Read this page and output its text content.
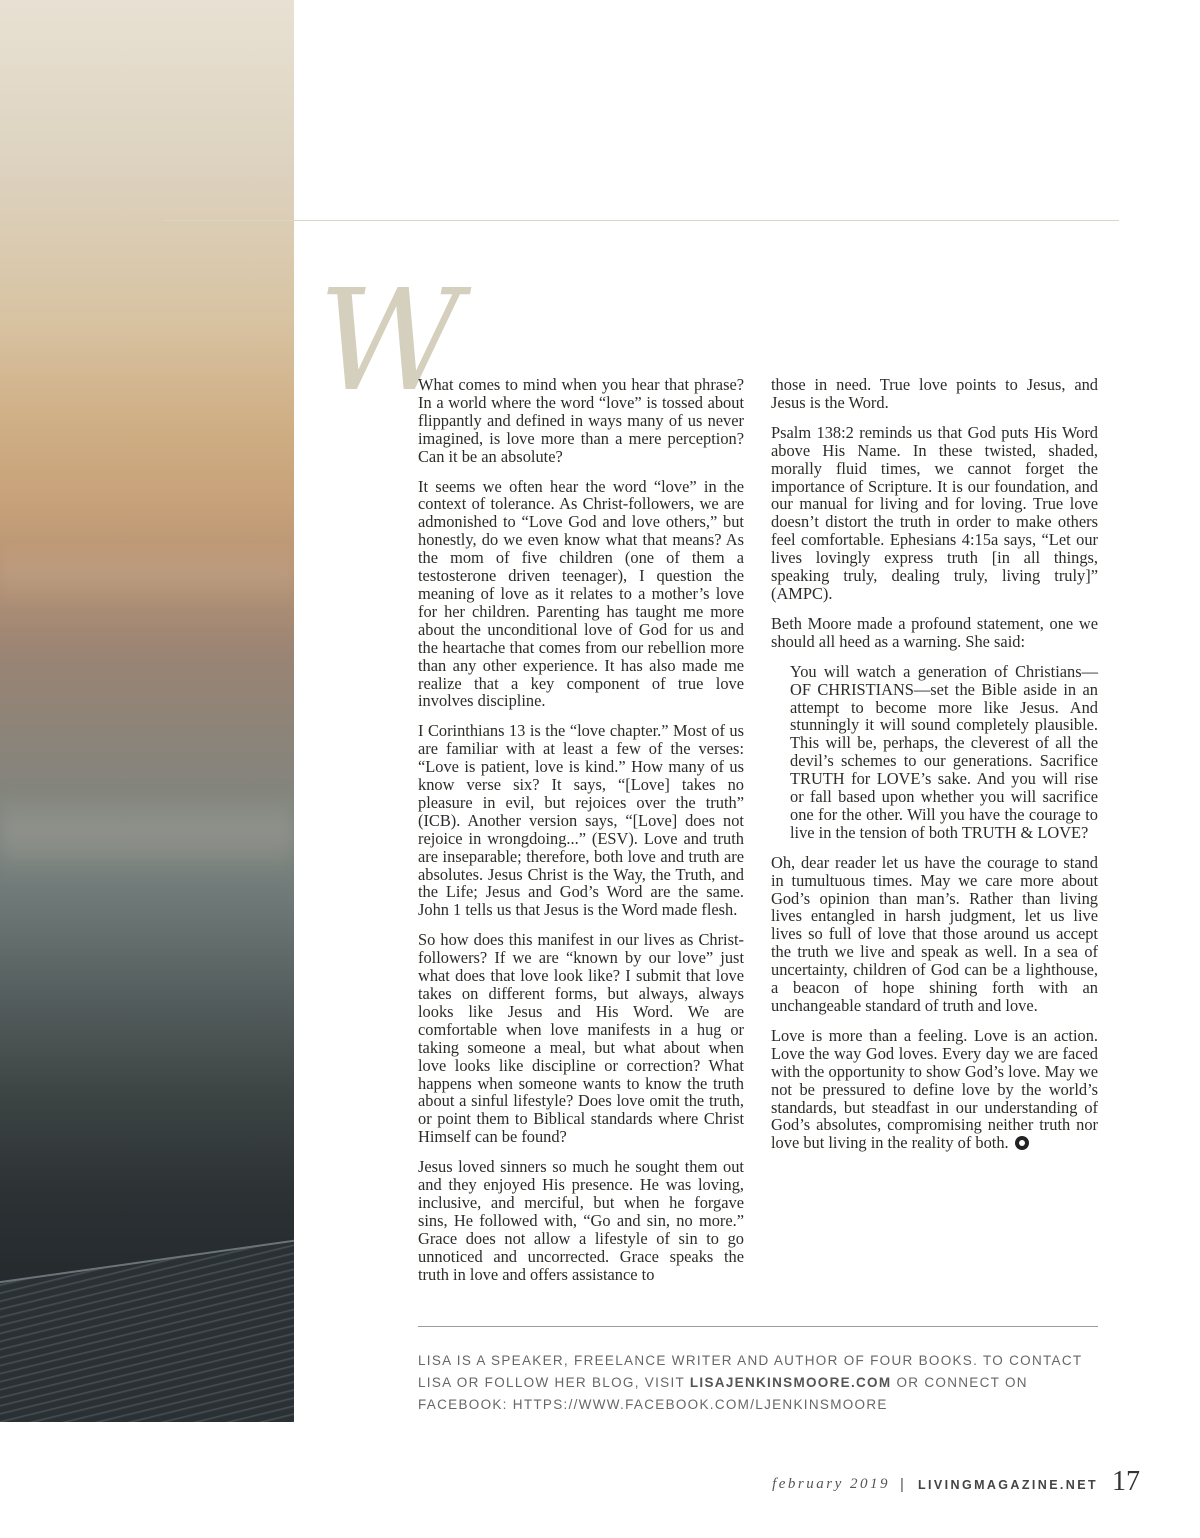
W

What comes to mind when you hear that phrase? In a world where the word “love” is tossed about flippantly and defined in ways many of us never imagined, is love more than a mere perception? Can it be an absolute?

It seems we often hear the word “love” in the context of tolerance. As Christ-followers, we are admonished to “Love God and love others,” but honestly, do we even know what that means? As the mom of five children (one of them a testosterone driven teenager), I question the meaning of love as it relates to a mother’s love for her children. Parenting has taught me more about the unconditional love of God for us and the heartache that comes from our rebellion more than any other experience. It has also made me realize that a key component of true love involves discipline.

I Corinthians 13 is the “love chapter.” Most of us are familiar with at least a few of the verses: “Love is patient, love is kind.” How many of us know verse six? It says, “[Love] takes no pleasure in evil, but rejoices over the truth” (ICB). Another version says, “[Love] does not rejoice in wrongdoing...” (ESV). Love and truth are inseparable; therefore, both love and truth are absolutes. Jesus Christ is the Way, the Truth, and the Life; Jesus and God’s Word are the same. John 1 tells us that Jesus is the Word made flesh.

So how does this manifest in our lives as Christ-followers? If we are “known by our love” just what does that love look like? I submit that love takes on different forms, but always, always looks like Jesus and His Word. We are comfortable when love manifests in a hug or taking someone a meal, but what about when love looks like discipline or correction? What happens when someone wants to know the truth about a sinful lifestyle? Does love omit the truth, or point them to Biblical standards where Christ Himself can be found?

Jesus loved sinners so much he sought them out and they enjoyed His presence. He was loving, inclusive, and merciful, but when he forgave sins, He followed with, “Go and sin, no more.” Grace does not allow a lifestyle of sin to go unnoticed and uncorrected. Grace speaks the truth in love and offers assistance to

those in need. True love points to Jesus, and Jesus is the Word.

Psalm 138:2 reminds us that God puts His Word above His Name. In these twisted, shaded, morally fluid times, we cannot forget the importance of Scripture. It is our foundation, and our manual for living and for loving. True love doesn’t distort the truth in order to make others feel comfortable. Ephesians 4:15a says, “Let our lives lovingly express truth [in all things, speaking truly, dealing truly, living truly]” (AMPC).

Beth Moore made a profound statement, one we should all heed as a warning. She said:

You will watch a generation of Christians—OF CHRISTIANS—set the Bible aside in an attempt to become more like Jesus. And stunningly it will sound completely plausible. This will be, perhaps, the cleverest of all the devil’s schemes to our generations. Sacrifice TRUTH for LOVE’s sake. And you will rise or fall based upon whether you will sacrifice one for the other. Will you have the courage to live in the tension of both TRUTH & LOVE?

Oh, dear reader let us have the courage to stand in tumultuous times. May we care more about God’s opinion than man’s. Rather than living lives entangled in harsh judgment, let us live lives so full of love that those around us accept the truth we live and speak as well. In a sea of uncertainty, children of God can be a lighthouse, a beacon of hope shining forth with an unchangeable standard of truth and love.

Love is more than a feeling. Love is an action. Love the way God loves. Every day we are faced with the opportunity to show God’s love. May we not be pressured to define love by the world’s standards, but steadfast in our understanding of God’s absolutes, compromising neither truth nor love but living in the reality of both.

LISA IS A SPEAKER, FREELANCE WRITER AND AUTHOR OF FOUR BOOKS. TO CONTACT LISA OR FOLLOW HER BLOG, VISIT LISAJENKINSMOORE.COM OR CONNECT ON FACEBOOK: HTTPS://WWW.FACEBOOK.COM/LJENKINSMOORE
february 2019 | LIVINGMAGAZINE.NET 17
